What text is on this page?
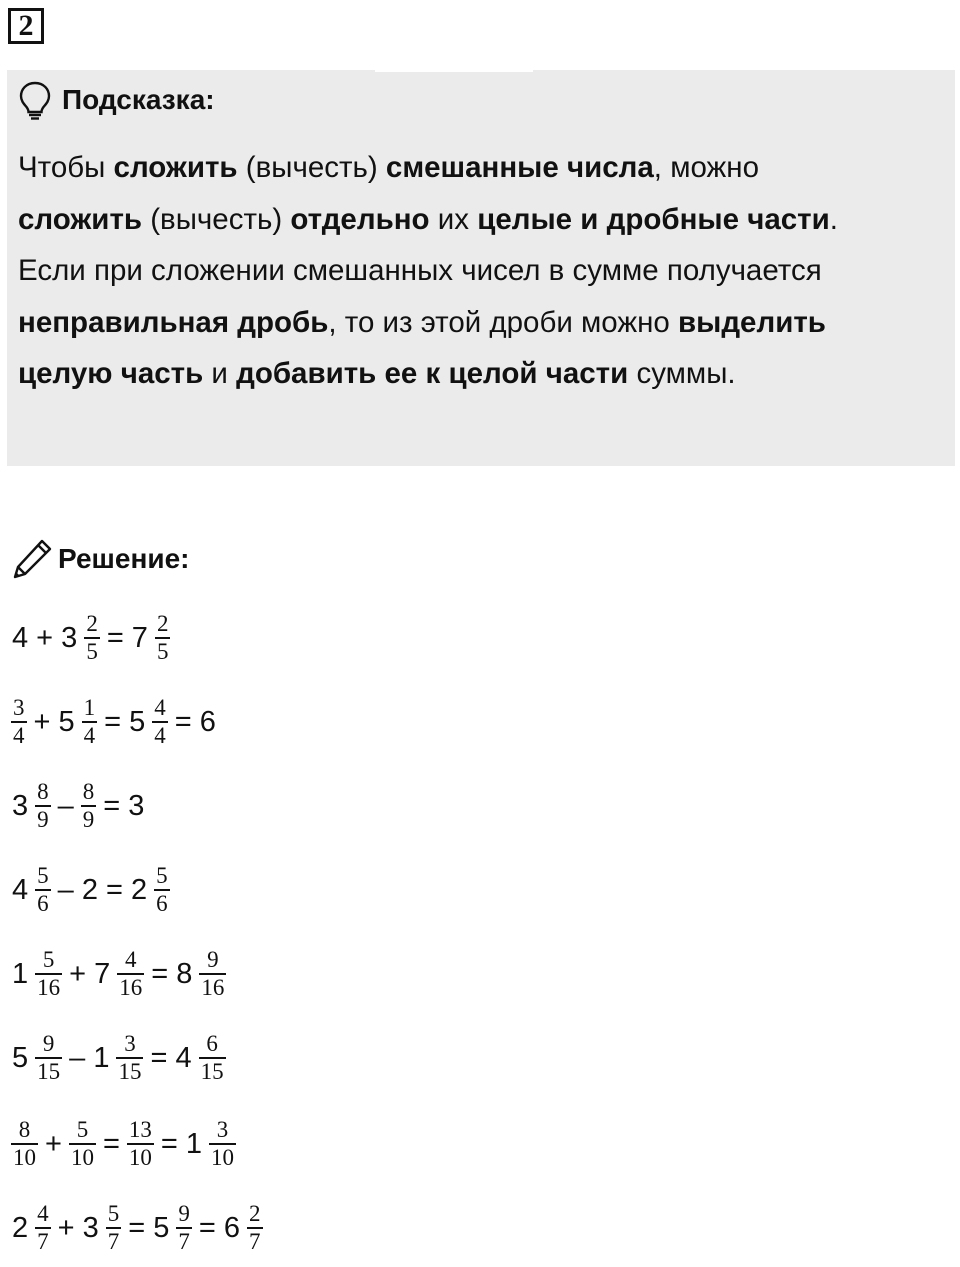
2
Подсказка:
Чтобы сложить (вычесть) смешанные числа, можно
сложить (вычесть) отдельно их целые и дробные части.
Если при сложении смешанных чисел в сумме получается
неправильная дробь, то из этой дроби можно выделить
целую часть и добавить ее к целой части суммы.
Решение:
$4 + 3 \frac{2}{5} = 7 \frac{2}{5}$
$\frac{3}{4} + 5 \frac{1}{4} = 5 \frac{4}{4} = 6$
$3 \frac{8}{9} - \frac{8}{9} = 3$
$4 \frac{5}{6} - 2 = 2 \frac{5}{6}$
$1 \frac{5}{16} + 7 \frac{4}{16} = 8 \frac{9}{16}$
$5 \frac{9}{15} - 1 \frac{3}{15} = 4 \frac{6}{15}$
$\frac{8}{10} + \frac{5}{10} = \frac{13}{10} = 1 \frac{3}{10}$
$2 \frac{4}{7} + 3 \frac{5}{7} = 5 \frac{9}{7} = 6 \frac{2}{7}$
